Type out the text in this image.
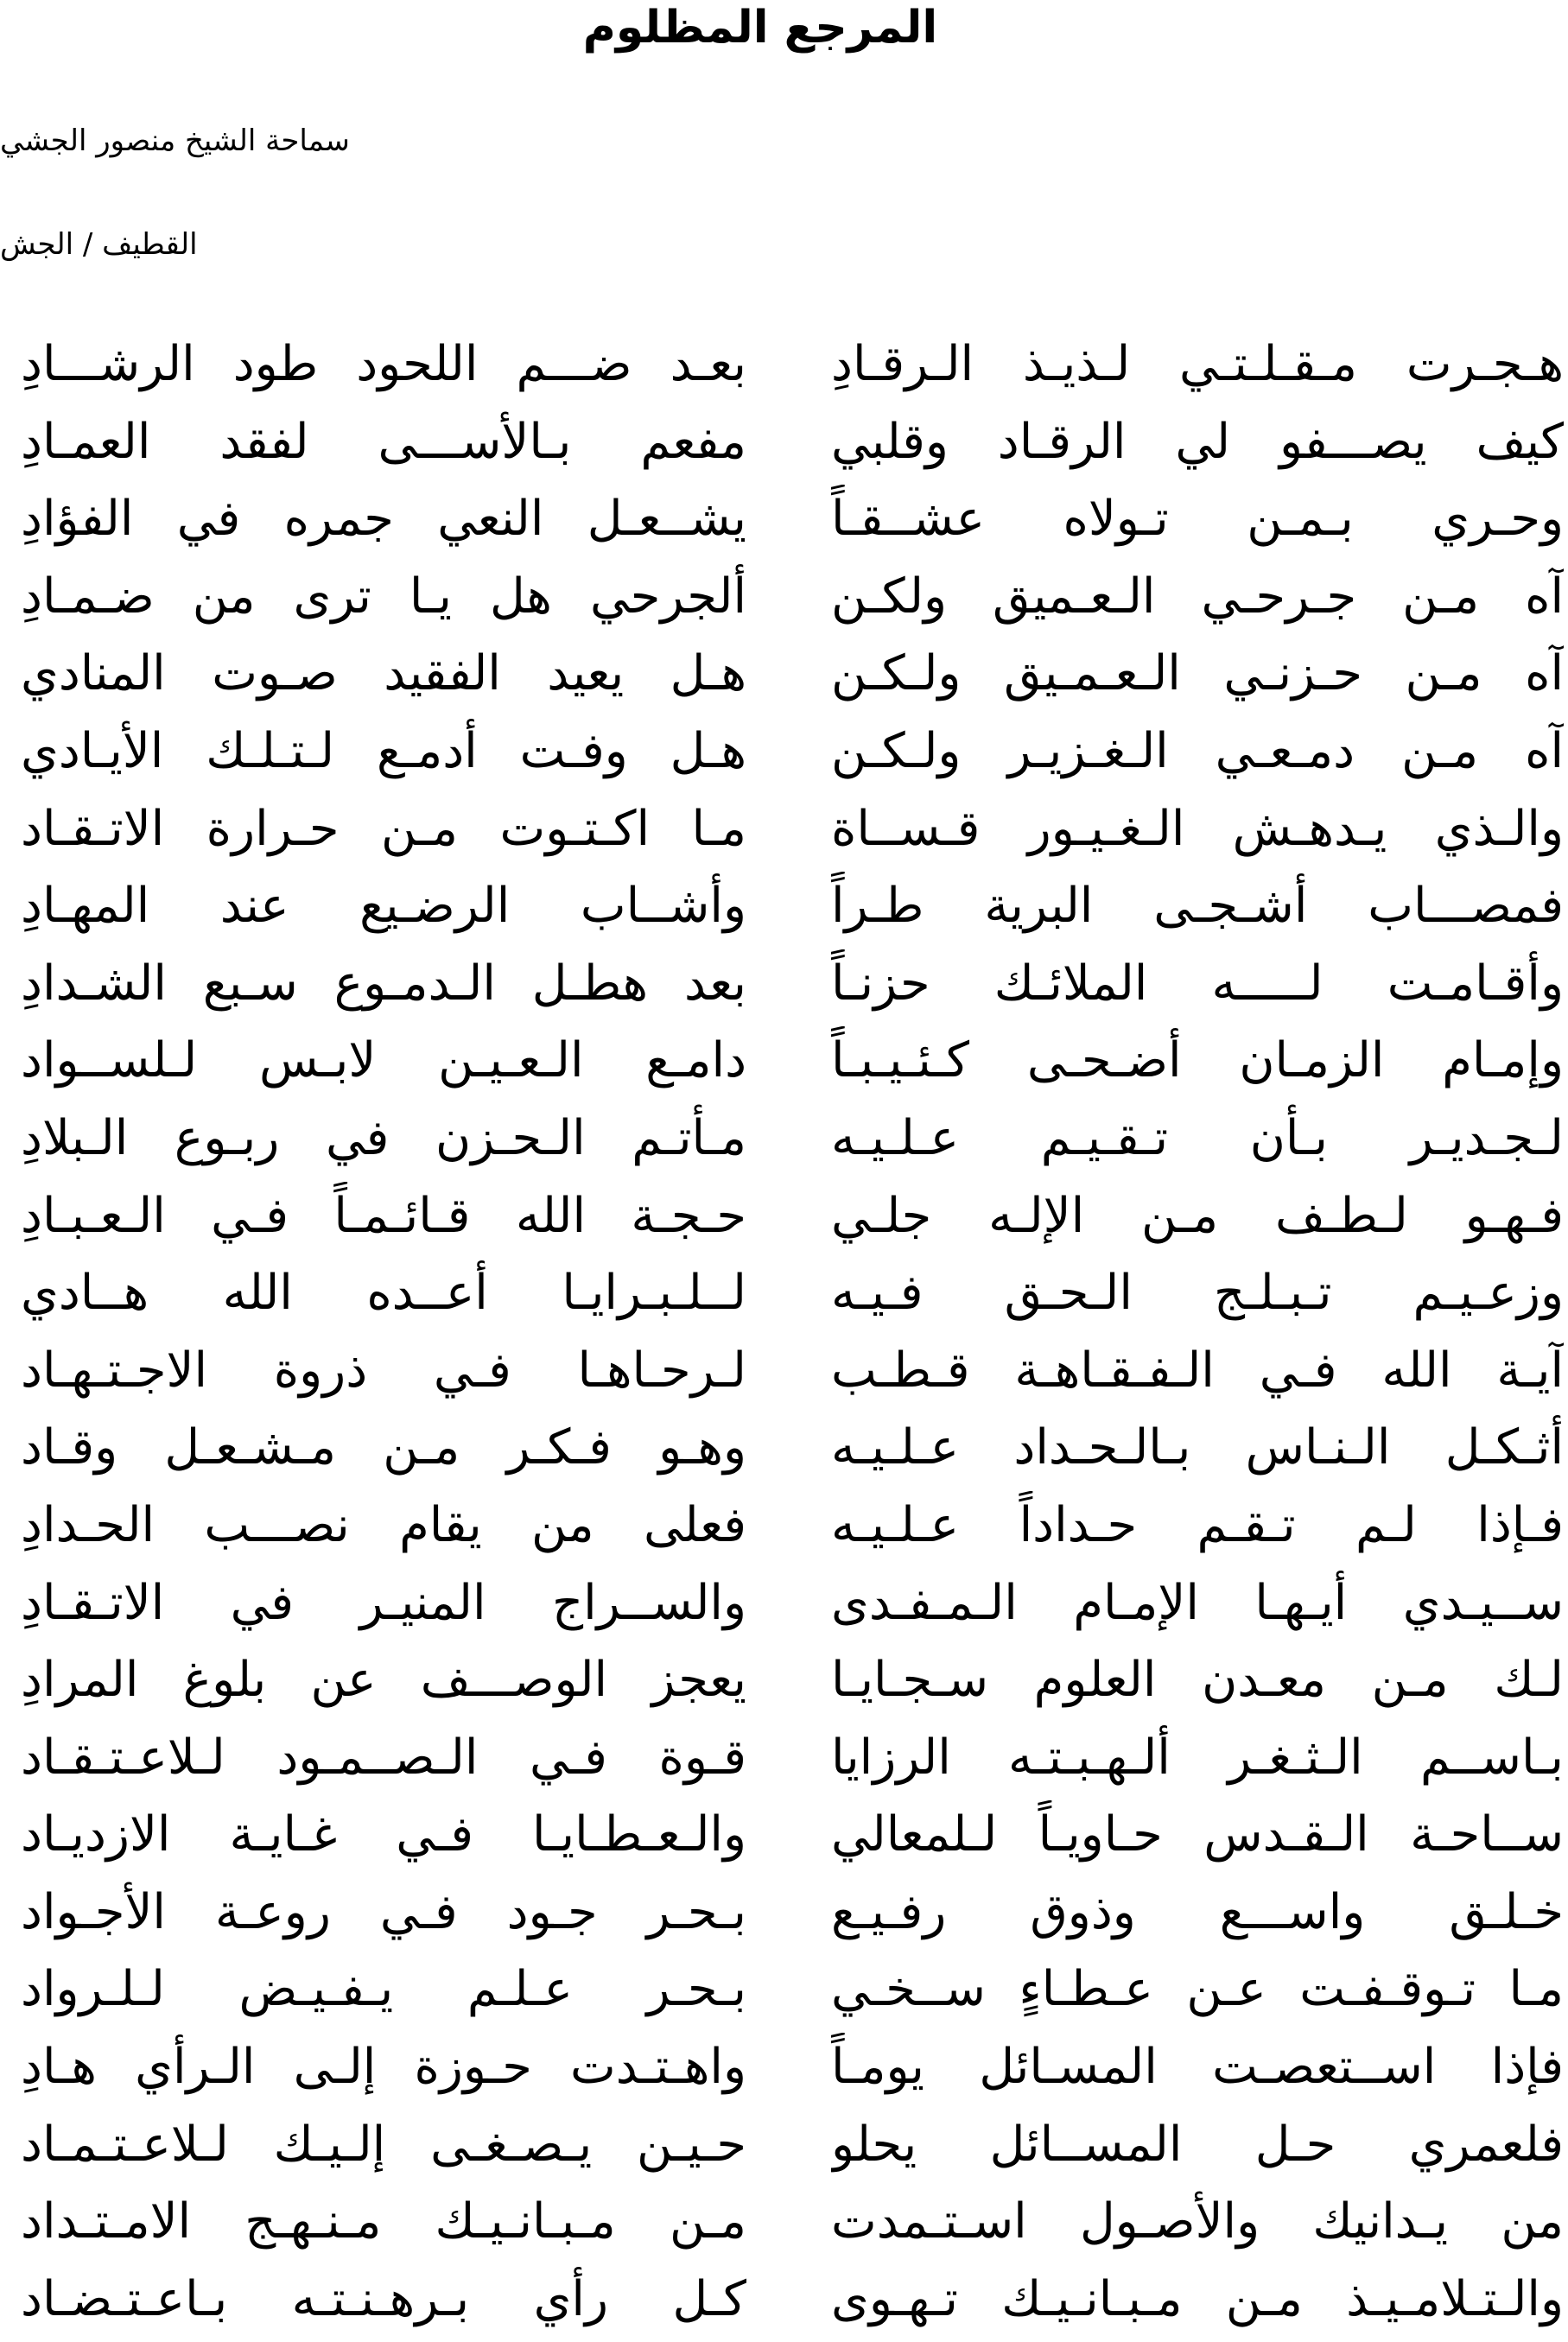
المرجع المظلوم
سماحة الشيخ منصور الجشي
القطيف / الجش
هـجـرت مـقـلـتـي لـذيـذ الـرقـادِ
بعـد ضـــم اللحود طود الرشـــادِ
كيف يصـــفو لي الرقـاد وقلبي
مفعم بـالأســـى لفقد العمـادِ
وحـري بـمـن تـولاه عشــقـاً
يشــعـل النعي جمره في الفؤادِ
آه مـن جـرحـي الـعـميق ولكـن
ألجرحي هل يـا ترى من ضـمـادِ
آه مـن حـزنـي الـعـمـيق ولـكـن
هـل يعيد الفقيد صـوت المنادي
آه مـن دمـعـي الـغـزيـر ولـكـن
هـل وفـت أدمـع لـتـلـك الأيـادي
والـذي يـدهـش الـغـيـور قـســاة
مـا اكـتـوت مـن حـرارة الاتـقـاد
فمصـــاب أشـجـى البرية طـراً
وأشــاب الرضـيع عند المهـادِ
وأقـامـت لـــــه الملائـك حزنـاً
بعد هطـل الـدمـوع سـبع الشـدادِ
وإمـام الزمـان أضـحـى كـئـيـبـاً
دامـع الـعـيـن لابـس لـلســواد
لـجـديـر بـأن تـقـيـم عـلـيـه
مـأتـم الـحـزن في ربـوع الـبلادِ
فـهـو لـطـف مـن الإلـه جلـي
حـجـة الله قـائـمـاً فـي الـعـبـادِ
وزعـيـم تـبـلـج الـحـق فـيـه
لــلـبـرايـا أعــده الله هــادي
آيـة الله فـي الـفـقـاهـة قـطـب
لـرحـاهـا فـي ذروة الاجـتـهـاد
أثـكـل الـنـاس بـالـحـداد عـلـيـه
وهـو فـكـر مـن مـشـعـل وقـاد
فـإذا لـم تـقـم حـداداً عـلـيـه
فعلى من يقام نصـــب الحـدادِ
ســيـدي أيـهـا الإمـام الـمـفـدى
والســراج المنيـر في الاتـقـادِ
لـك مـن معـدن العلوم سـجـايـا
يعجز الوصـــف عن بلوغ المرادِ
بـاســم الـثـغـر ألـهـبـتـه الرزايا
قـوة فـي الـصــمـود لـلاعـتـقـاد
ســاحـة الـقـدس حـاويـاً لـلمعالي
والـعـطـايـا فـي غـايـة الازديـاد
خـلـق واســـع وذوق رفـيـع
بـحـر جـود فـي روعـة الأجـواد
مـا تـوقـفـت عـن عـطـاءٍ ســخـي
بـحـر عـلـم يـفـيـض لـلـرواد
فإذا اســتعصـت المسـائل يومـاً
واهـتـدت حـوزة إلـى الـرأي هـادِ
فلعمري حـل المســائل يحلو
حـيـن يـصـغـى إلـيـك لـلاعـتـمـاد
من يـدانيك والأصـول اسـتـمدت
مـن مـبـانـيـك مـنـهـج الامـتـداد
والـتـلامـيـذ مـن مـبـانـيـك تـهـوى
كـل رأي بـرهـنـتـه بـاعـتـضـاد
